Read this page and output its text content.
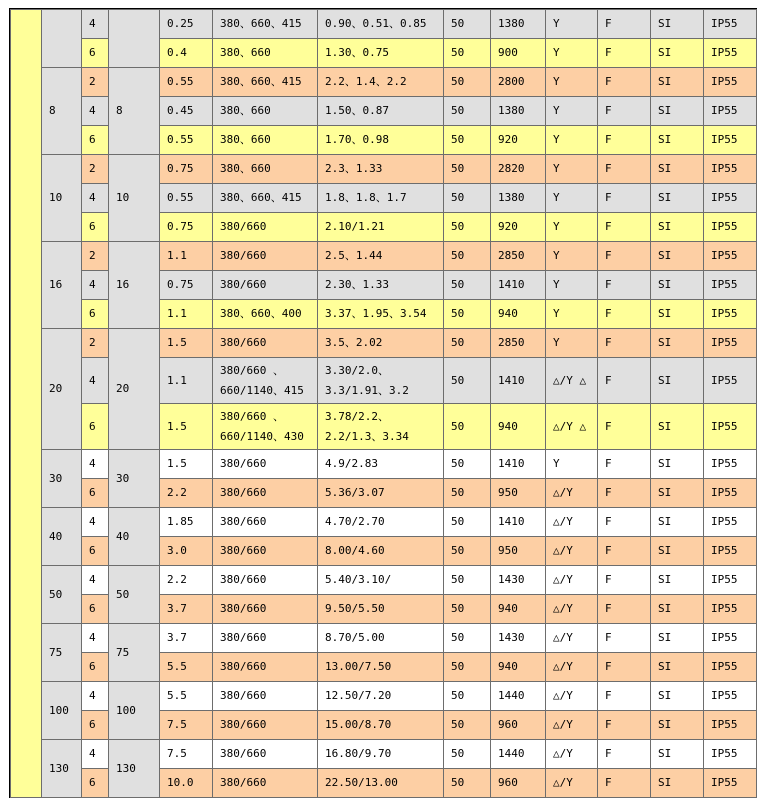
		4		0.25	380、660、415	0.90、0.51、0.85	50	1380	Y	F	SI	IP55
		6		0.4	380、660	1.30、0.75	50	900	Y	F	SI	IP55
	8	2	8	0.55	380、660、415	2.2、1.4、2.2	50	2800	Y	F	SI	IP55
		4		0.45	380、660	1.50、0.87	50	1380	Y	F	SI	IP55
		6		0.55	380、660	1.70、0.98	50	920	Y	F	SI	IP55
	10	2	10	0.75	380、660	2.3、1.33	50	2820	Y	F	SI	IP55
		4		0.55	380、660、415	1.8、1.8、1.7	50	1380	Y	F	SI	IP55
		6		0.75	380/660	2.10/1.21	50	920	Y	F	SI	IP55
	16	2	16	1.1	380/660	2.5、1.44	50	2850	Y	F	SI	IP55
		4		0.75	380/660	2.30、1.33	50	1410	Y	F	SI	IP55
		6		1.1	380、660、400	3.37、1.95、3.54	50	940	Y	F	SI	IP55
	20	2	20	1.5	380/660	3.5、2.02	50	2850	Y	F	SI	IP55
		4		1.1	380/660 、660/1140、415	3.30/2.0、3.3/1.91、3.2	50	1410	△/Y △	F	SI	IP55
		6		1.5	380/660 、660/1140、430	3.78/2.2、2.2/1.3、3.34	50	940	△/Y △	F	SI	IP55
	30	4	30	1.5	380/660	4.9/2.83	50	1410	Y	F	SI	IP55
		6		2.2	380/660	5.36/3.07	50	950	△/Y	F	SI	IP55
	40	4	40	1.85	380/660	4.70/2.70	50	1410	△/Y	F	SI	IP55
		6		3.0	380/660	8.00/4.60	50	950	△/Y	F	SI	IP55
	50	4	50	2.2	380/660	5.40/3.10/	50	1430	△/Y	F	SI	IP55
		6		3.7	380/660	9.50/5.50	50	940	△/Y	F	SI	IP55
	75	4	75	3.7	380/660	8.70/5.00	50	1430	△/Y	F	SI	IP55
		6		5.5	380/660	13.00/7.50	50	940	△/Y	F	SI	IP55
	100	4	100	5.5	380/660	12.50/7.20	50	1440	△/Y	F	SI	IP55
		6		7.5	380/660	15.00/8.70	50	960	△/Y	F	SI	IP55
	130	4	130	7.5	380/660	16.80/9.70	50	1440	△/Y	F	SI	IP55
		6		10.0	380/660	22.50/13.00	50	960	△/Y	F	SI	IP55
